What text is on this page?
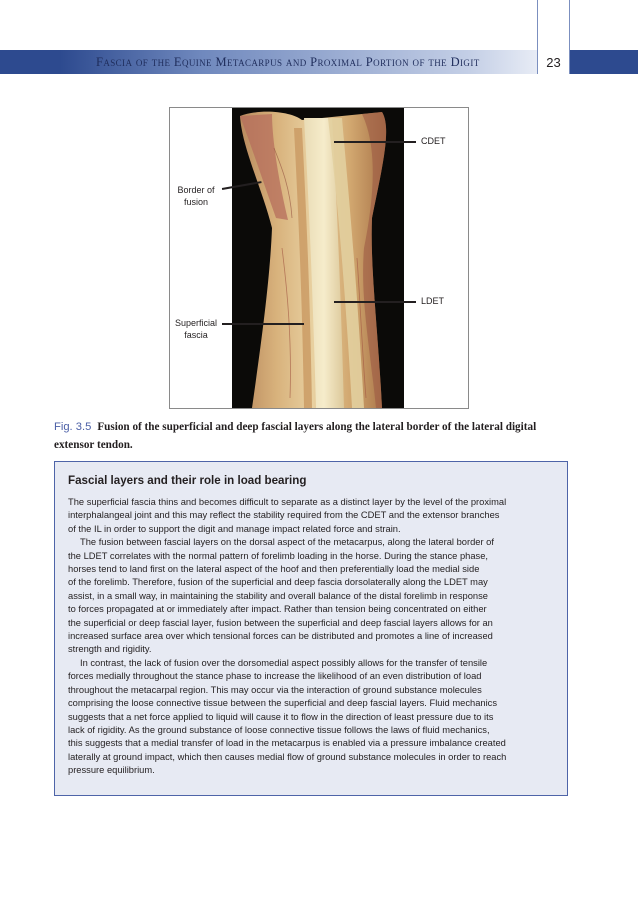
Fascia of the Equine Metacarpus and Proximal Portion of the Digit	23
CDET
Border of
fusion
LDET
Superficial
fascia
Fig. 3.5 Fusion of the superficial and deep fascial layers along the lateral border of the lateral digital
extensor tendon.
Fascial layers and their role in load bearing
The superficial fascia thins and becomes difficult to separate as a distinct layer by the level of the proximal
interphalangeal joint and this may reflect the stability required from the CDET and the extensor branches
of the IL in order to support the digit and manage impact related force and strain.
The fusion between fascial layers on the dorsal aspect of the metacarpus, along the lateral border of
the LDET correlates with the normal pattern of forelimb loading in the horse. During the stance phase,
horses tend to land first on the lateral aspect of the hoof and then preferentially load the medial side
of the forelimb. Therefore, fusion of the superficial and deep fascia dorsolaterally along the LDET may
assist, in a small way, in maintaining the stability and overall balance of the distal forelimb in response
to forces propagated at or immediately after impact. Rather than tension being concentrated on either
the superficial or deep fascial layer, fusion between the superficial and deep fascial layers allows for an
increased surface area over which tensional forces can be distributed and promotes a line of increased
strength and rigidity.
In contrast, the lack of fusion over the dorsomedial aspect possibly allows for the transfer of tensile
forces medially throughout the stance phase to increase the likelihood of an even distribution of load
throughout the metacarpal region. This may occur via the interaction of ground substance molecules
comprising the loose connective tissue between the superficial and deep fascial layers. Fluid mechanics
suggests that a net force applied to liquid will cause it to flow in the direction of least pressure due to its
lack of rigidity. As the ground substance of loose connective tissue follows the laws of fluid mechanics,
this suggests that a medial transfer of load in the metacarpus is enabled via a pressure imbalance created
laterally at ground impact, which then causes medial flow of ground substance molecules in order to reach
pressure equilibrium.
